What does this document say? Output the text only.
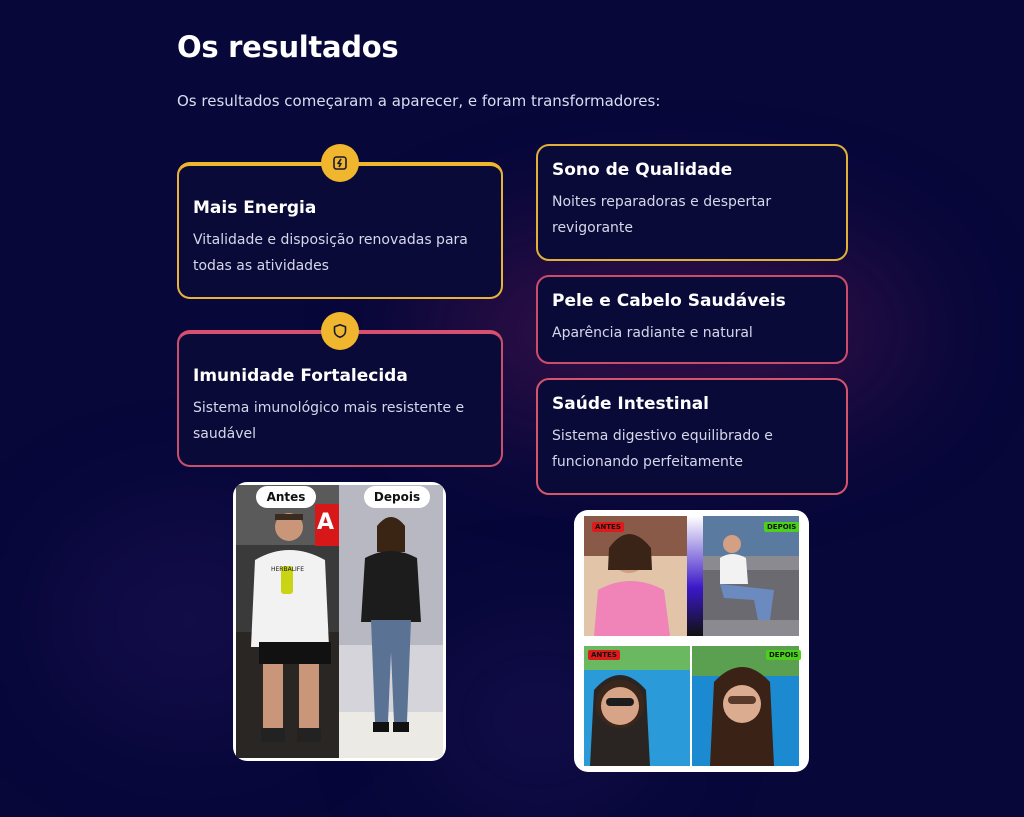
Os resultados

Os resultados começaram a aparecer, e foram transformadores:

Mais Energia
Vitalidade e disposição renovadas para
todas as atividades
Imunidade Fortalecida
Sistema imunológico mais resistente e
saudável
Sono de Qualidade
Noites reparadoras e despertar
revigorante
Pele e Cabelo Saudáveis
Aparência radiante e natural
Saúde Intestinal
Sistema digestivo equilibrado e
funcionando perfeitamente
A
HERBALIFE
Antes	Depois
ANTES	DEPOIS
ANTES	DEPOIS
